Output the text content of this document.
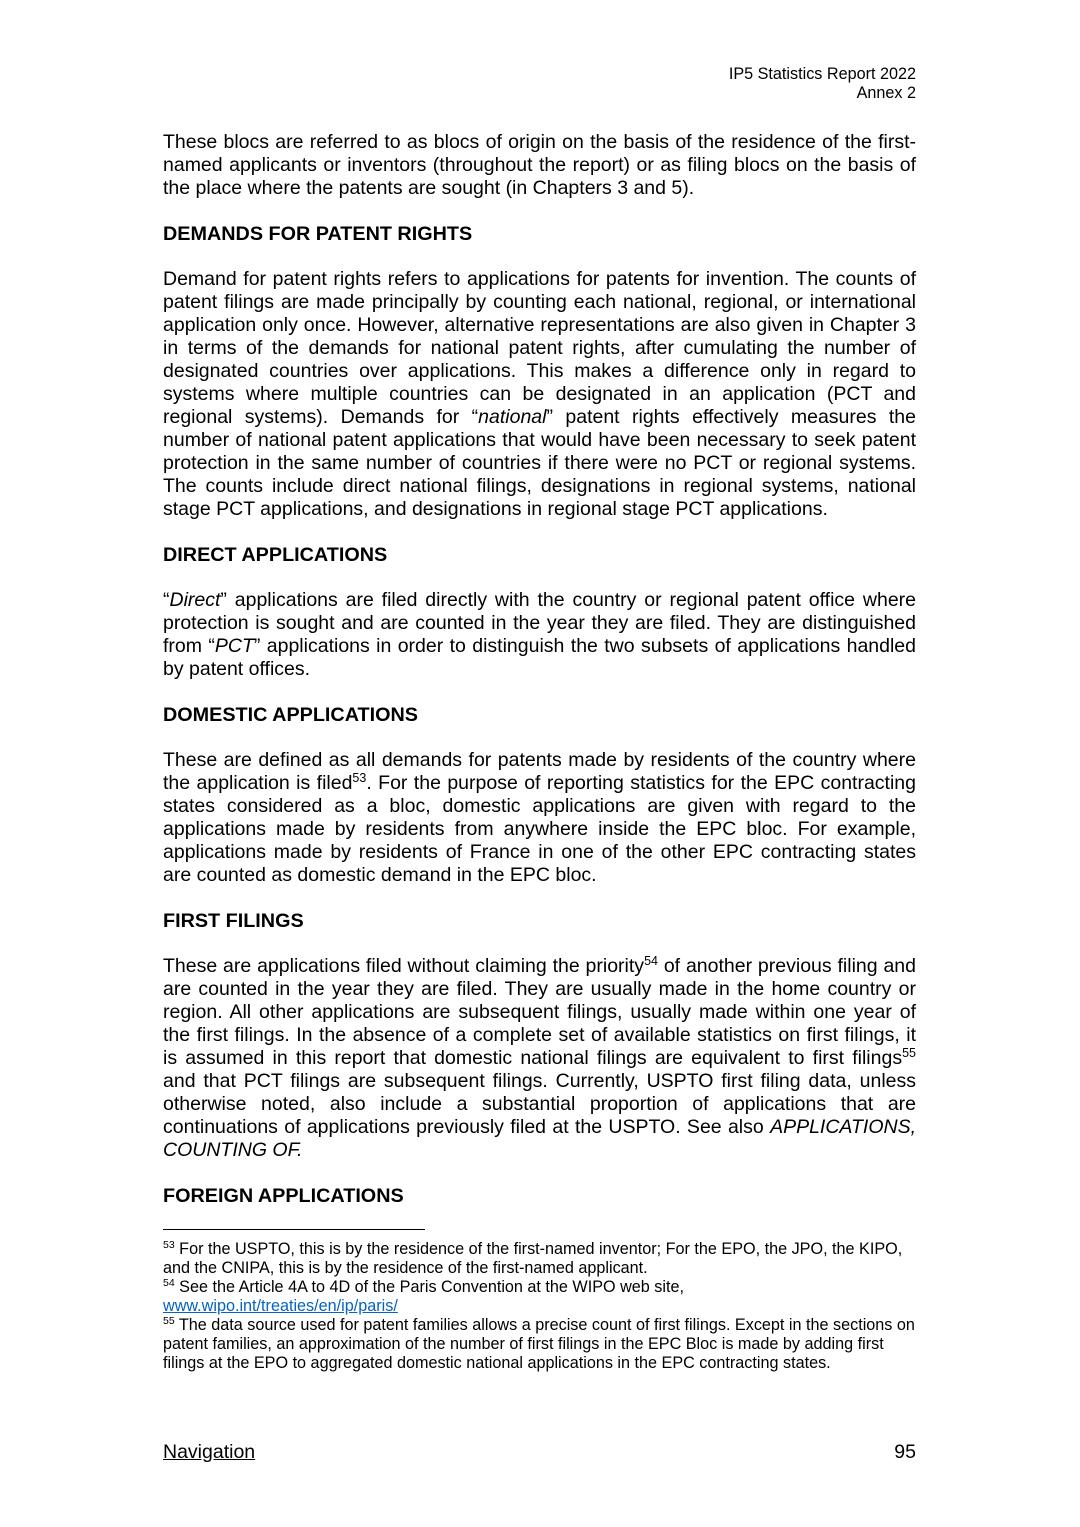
IP5 Statistics Report 2022
Annex 2

These blocs are referred to as blocs of origin on the basis of the residence of the first-named applicants or inventors (throughout the report) or as filing blocs on the basis of the place where the patents are sought (in Chapters 3 and 5).

DEMANDS FOR PATENT RIGHTS

Demand for patent rights refers to applications for patents for invention. The counts of patent filings are made principally by counting each national, regional, or international application only once. However, alternative representations are also given in Chapter 3 in terms of the demands for national patent rights, after cumulating the number of designated countries over applications. This makes a difference only in regard to systems where multiple countries can be designated in an application (PCT and regional systems). Demands for “national” patent rights effectively measures the number of national patent applications that would have been necessary to seek patent protection in the same number of countries if there were no PCT or regional systems. The counts include direct national filings, designations in regional systems, national stage PCT applications, and designations in regional stage PCT applications.

DIRECT APPLICATIONS

“Direct” applications are filed directly with the country or regional patent office where protection is sought and are counted in the year they are filed. They are distinguished from “PCT” applications in order to distinguish the two subsets of applications handled by patent offices.

DOMESTIC APPLICATIONS

These are defined as all demands for patents made by residents of the country where the application is filed$^{53}$. For the purpose of reporting statistics for the EPC contracting states considered as a bloc, domestic applications are given with regard to the applications made by residents from anywhere inside the EPC bloc. For example, applications made by residents of France in one of the other EPC contracting states are counted as domestic demand in the EPC bloc.

FIRST FILINGS

These are applications filed without claiming the priority$^{54}$ of another previous filing and are counted in the year they are filed. They are usually made in the home country or region. All other applications are subsequent filings, usually made within one year of the first filings. In the absence of a complete set of available statistics on first filings, it is assumed in this report that domestic national filings are equivalent to first filings$^{55}$ and that PCT filings are subsequent filings. Currently, USPTO first filing data, unless otherwise noted, also include a substantial proportion of applications that are continuations of applications previously filed at the USPTO. See also APPLICATIONS, COUNTING OF.

FOREIGN APPLICATIONS

$^{53}$ For the USPTO, this is by the residence of the first-named inventor; For the EPO, the JPO, the KIPO, and the CNIPA, this is by the residence of the first-named applicant.

$^{54}$ See the Article 4A to 4D of the Paris Convention at the WIPO web site, www.wipo.int/treaties/en/ip/paris/

$^{55}$ The data source used for patent families allows a precise count of first filings. Except in the sections on patent families, an approximation of the number of first filings in the EPC Bloc is made by adding first filings at the EPO to aggregated domestic national applications in the EPC contracting states.

Navigation	95
